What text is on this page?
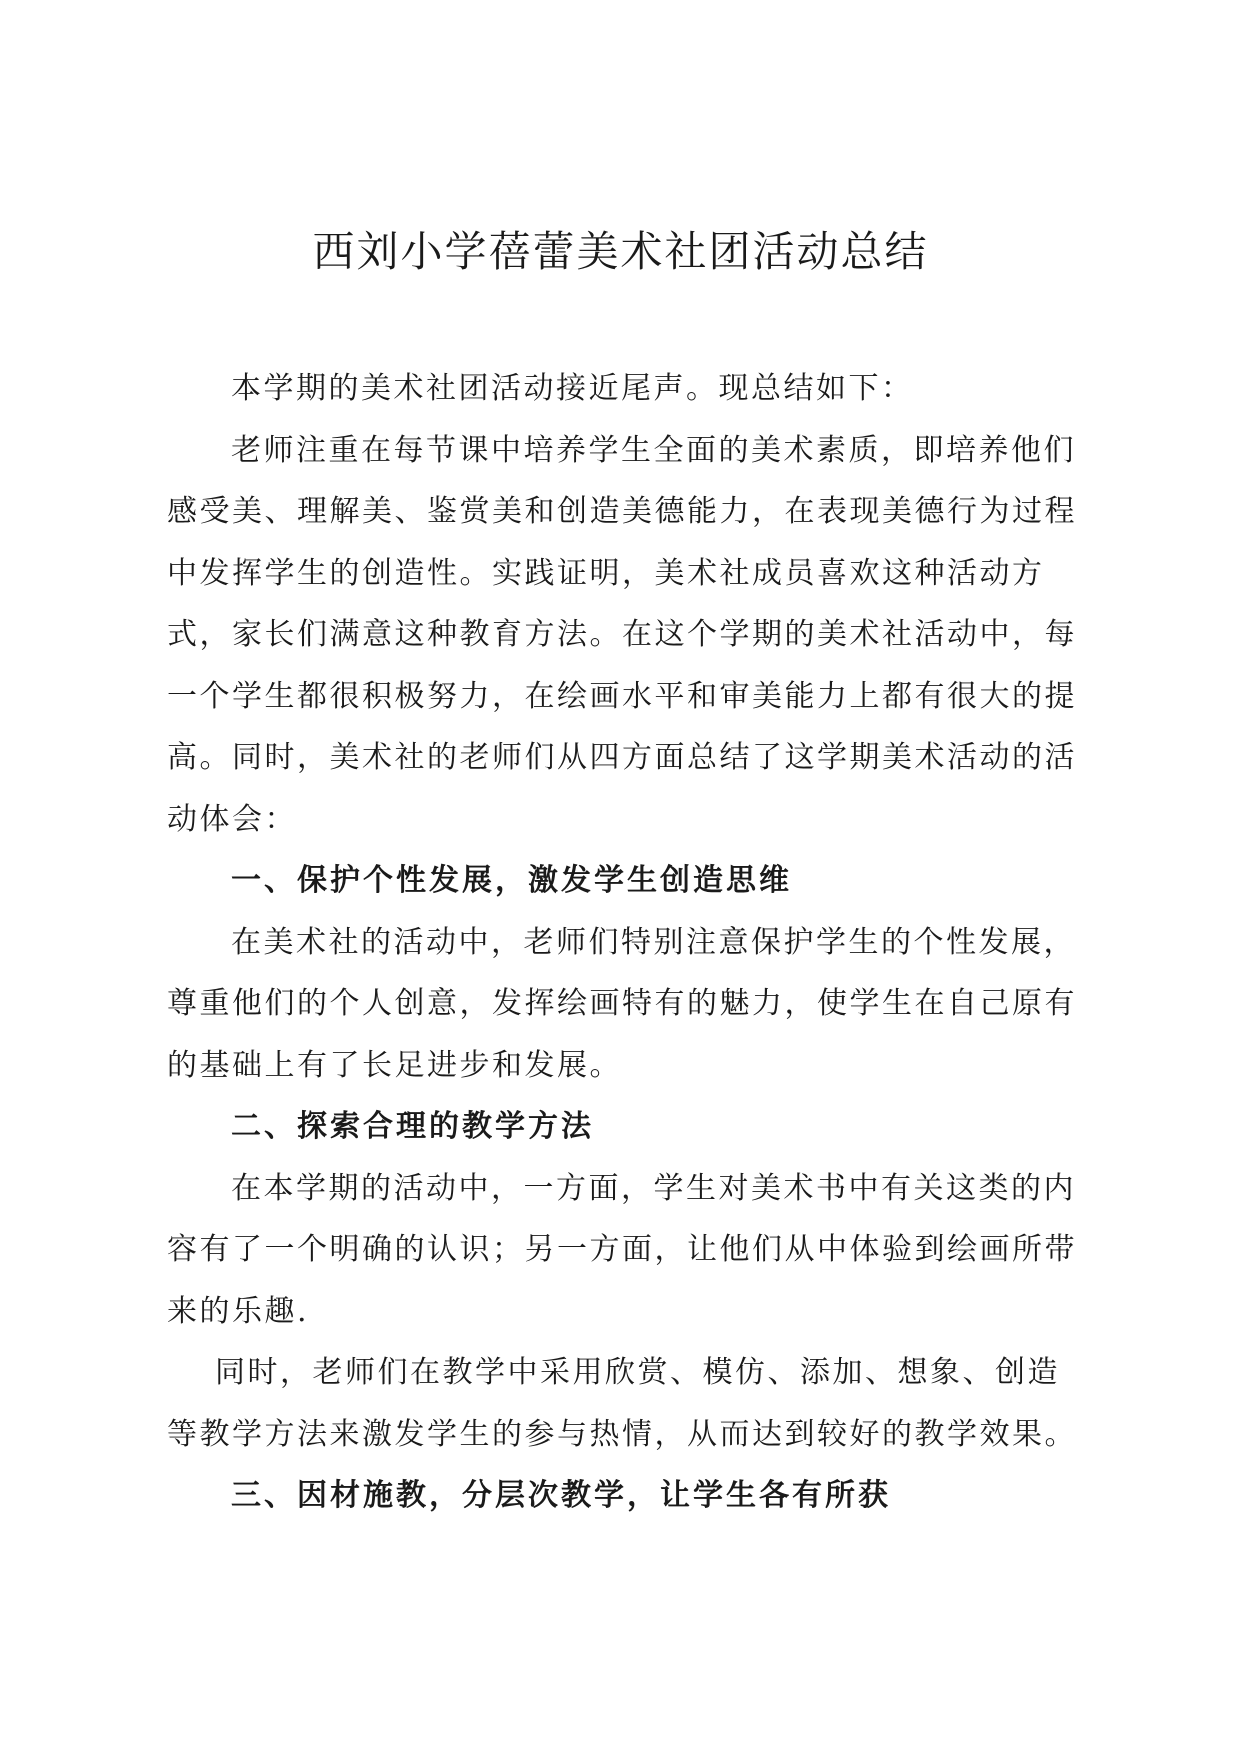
西刘小学蓓蕾美术社团活动总结

本学期的美术社团活动接近尾声。现总结如下：

老师注重在每节课中培养学生全面的美术素质，即培养他们感受美、理解美、鉴赏美和创造美德能力，在表现美德行为过程中发挥学生的创造性。实践证明，美术社成员喜欢这种活动方式，家长们满意这种教育方法。在这个学期的美术社活动中，每一个学生都很积极努力，在绘画水平和审美能力上都有很大的提高。同时，美术社的老师们从四方面总结了这学期美术活动的活动体会：

一、保护个性发展，激发学生创造思维

在美术社的活动中，老师们特别注意保护学生的个性发展，尊重他们的个人创意，发挥绘画特有的魅力，使学生在自己原有的基础上有了长足进步和发展。

二、探索合理的教学方法

在本学期的活动中，一方面，学生对美术书中有关这类的内容有了一个明确的认识；另一方面，让他们从中体验到绘画所带来的乐趣.

同时，老师们在教学中采用欣赏、模仿、添加、想象、创造等教学方法来激发学生的参与热情，从而达到较好的教学效果。

三、因材施教，分层次教学，让学生各有所获
